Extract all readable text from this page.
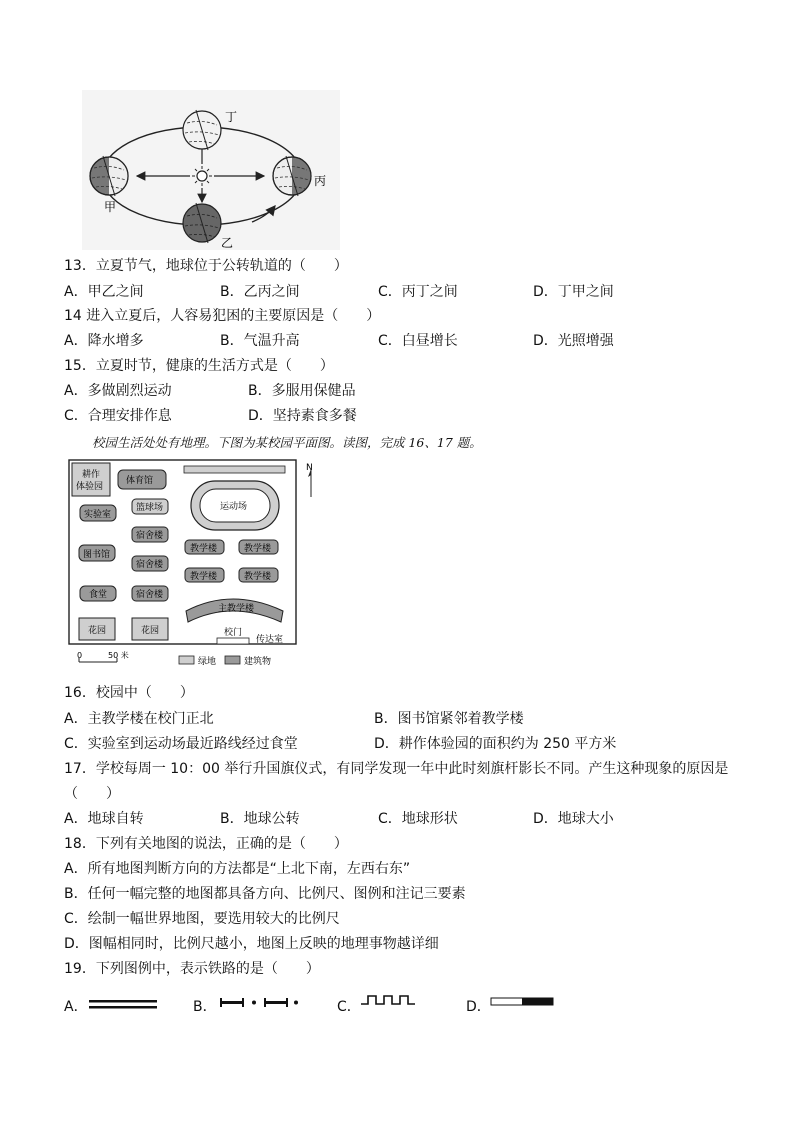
甲
乙
丙
丁
13．立夏节气，地球位于公转轨道的（　　）
A．甲乙之间	B．乙丙之间	C．丙丁之间	D．丁甲之间
14 进入立夏后，人容易犯困的主要原因是（　　）
A．降水增多	B．气温升高	C．白昼增长	D．光照增强
15．立夏时节，健康的生活方式是（　　）
A．多做剧烈运动	B．多服用保健品
C．合理安排作息	D．坚持素食多餐
校园生活处处有地理。下图为某校园平面图。读图，完成 16、17 题。
N
耕作
体验园
体育馆
运动场
实验室
篮球场
宿舍楼
宿舍楼
宿舍楼
图书馆
食堂
教学楼	教学楼
教学楼	教学楼
主教学楼
花园	花园	校门
传达室
0	50 米
绿地	建筑物
16．校园中（　　）
A．主教学楼在校门正北	B．图书馆紧邻着教学楼
C．实验室到运动场最近路线经过食堂	D．耕作体验园的面积约为 250 平方米
17．学校每周一 10：00 举行升国旗仪式，有同学发现一年中此时刻旗杆影长不同。产生这种现象的原因是
（　　）
A．地球自转	B．地球公转	C．地球形状	D．地球大小
18．下列有关地图的说法，正确的是（　　）
A．所有地图判断方向的方法都是“上北下南，左西右东”
B．任何一幅完整的地图都具备方向、比例尺、图例和注记三要素
C．绘制一幅世界地图，要选用较大的比例尺
D．图幅相同时，比例尺越小，地图上反映的地理事物越详细
19．下列图例中，表示铁路的是（　　）
A．	B．	C．	D．
